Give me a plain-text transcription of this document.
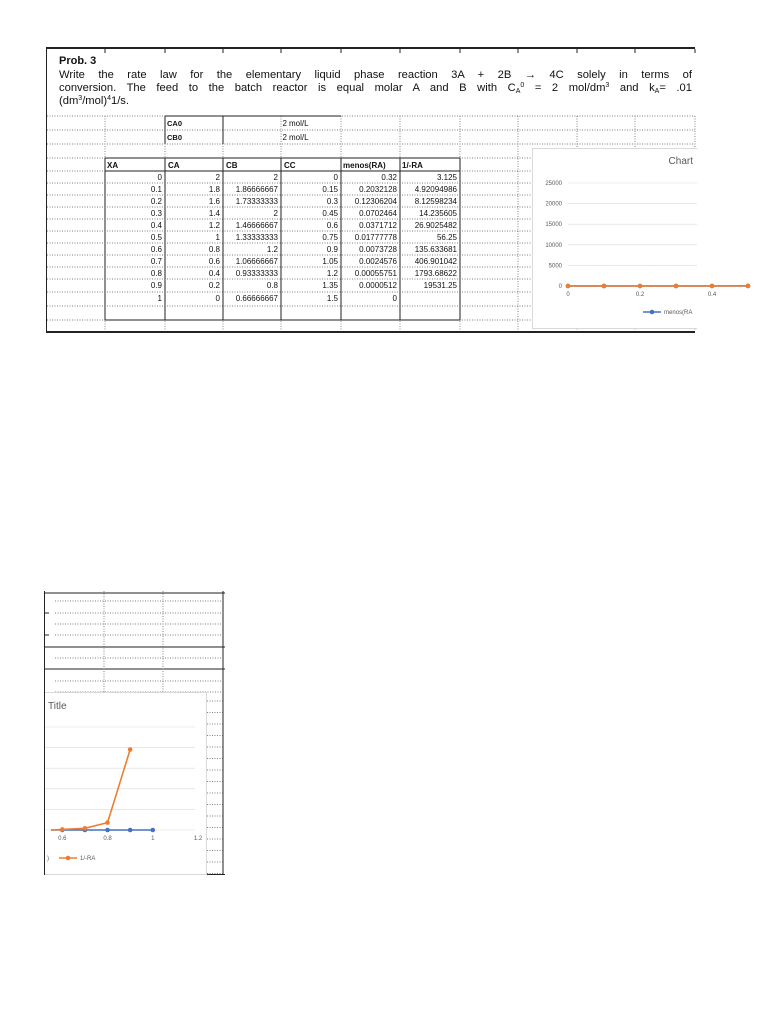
Prob. 3
Write the rate law for the elementary liquid phase reaction 3A + 2B → 4C solely in terms of
conversion. The feed to the batch reactor is equal molar A and B with $CA^0 = 2$ mol/$dm^3$ and kA= .01
$(dm^3/mol)^41/s$.
CA0	2 mol/L
CB0	2 mol/L
XA	CA	CB	CC	menos(RA) 1/-RA
0	2	2	0	0.32	3.125
0.1	1.8	1.86666667	0.15	0.2032128	4.92094986
0.2	1.6	1.73333333	0.3	0.12306204	8.12598234
0.3	1.4	2	0.45	0.0702464	14.235605
0.4	1.2	1.46666667	0.6	0.0371712	26.9025482
0.5	1	1.33333333	0.75	0.01777778	56.25
0.6	0.8	1.2	0.9	0.0073728	135.633681
0.7	0.6	1.06666667	1.05	0.0024576	406.901042
0.8	0.4	0.93333333	1.2	0.00055751	1793.68622
0.9	0.2	0.8	1.35	0.0000512	19531.25
1	0	0.66666667	1.5	0
Chart
0
5000
10000
15000
20000
25000
0	0.2	0.4
menos(RA
Title
0.6	0.8	1	1.2
)	1/-RA
